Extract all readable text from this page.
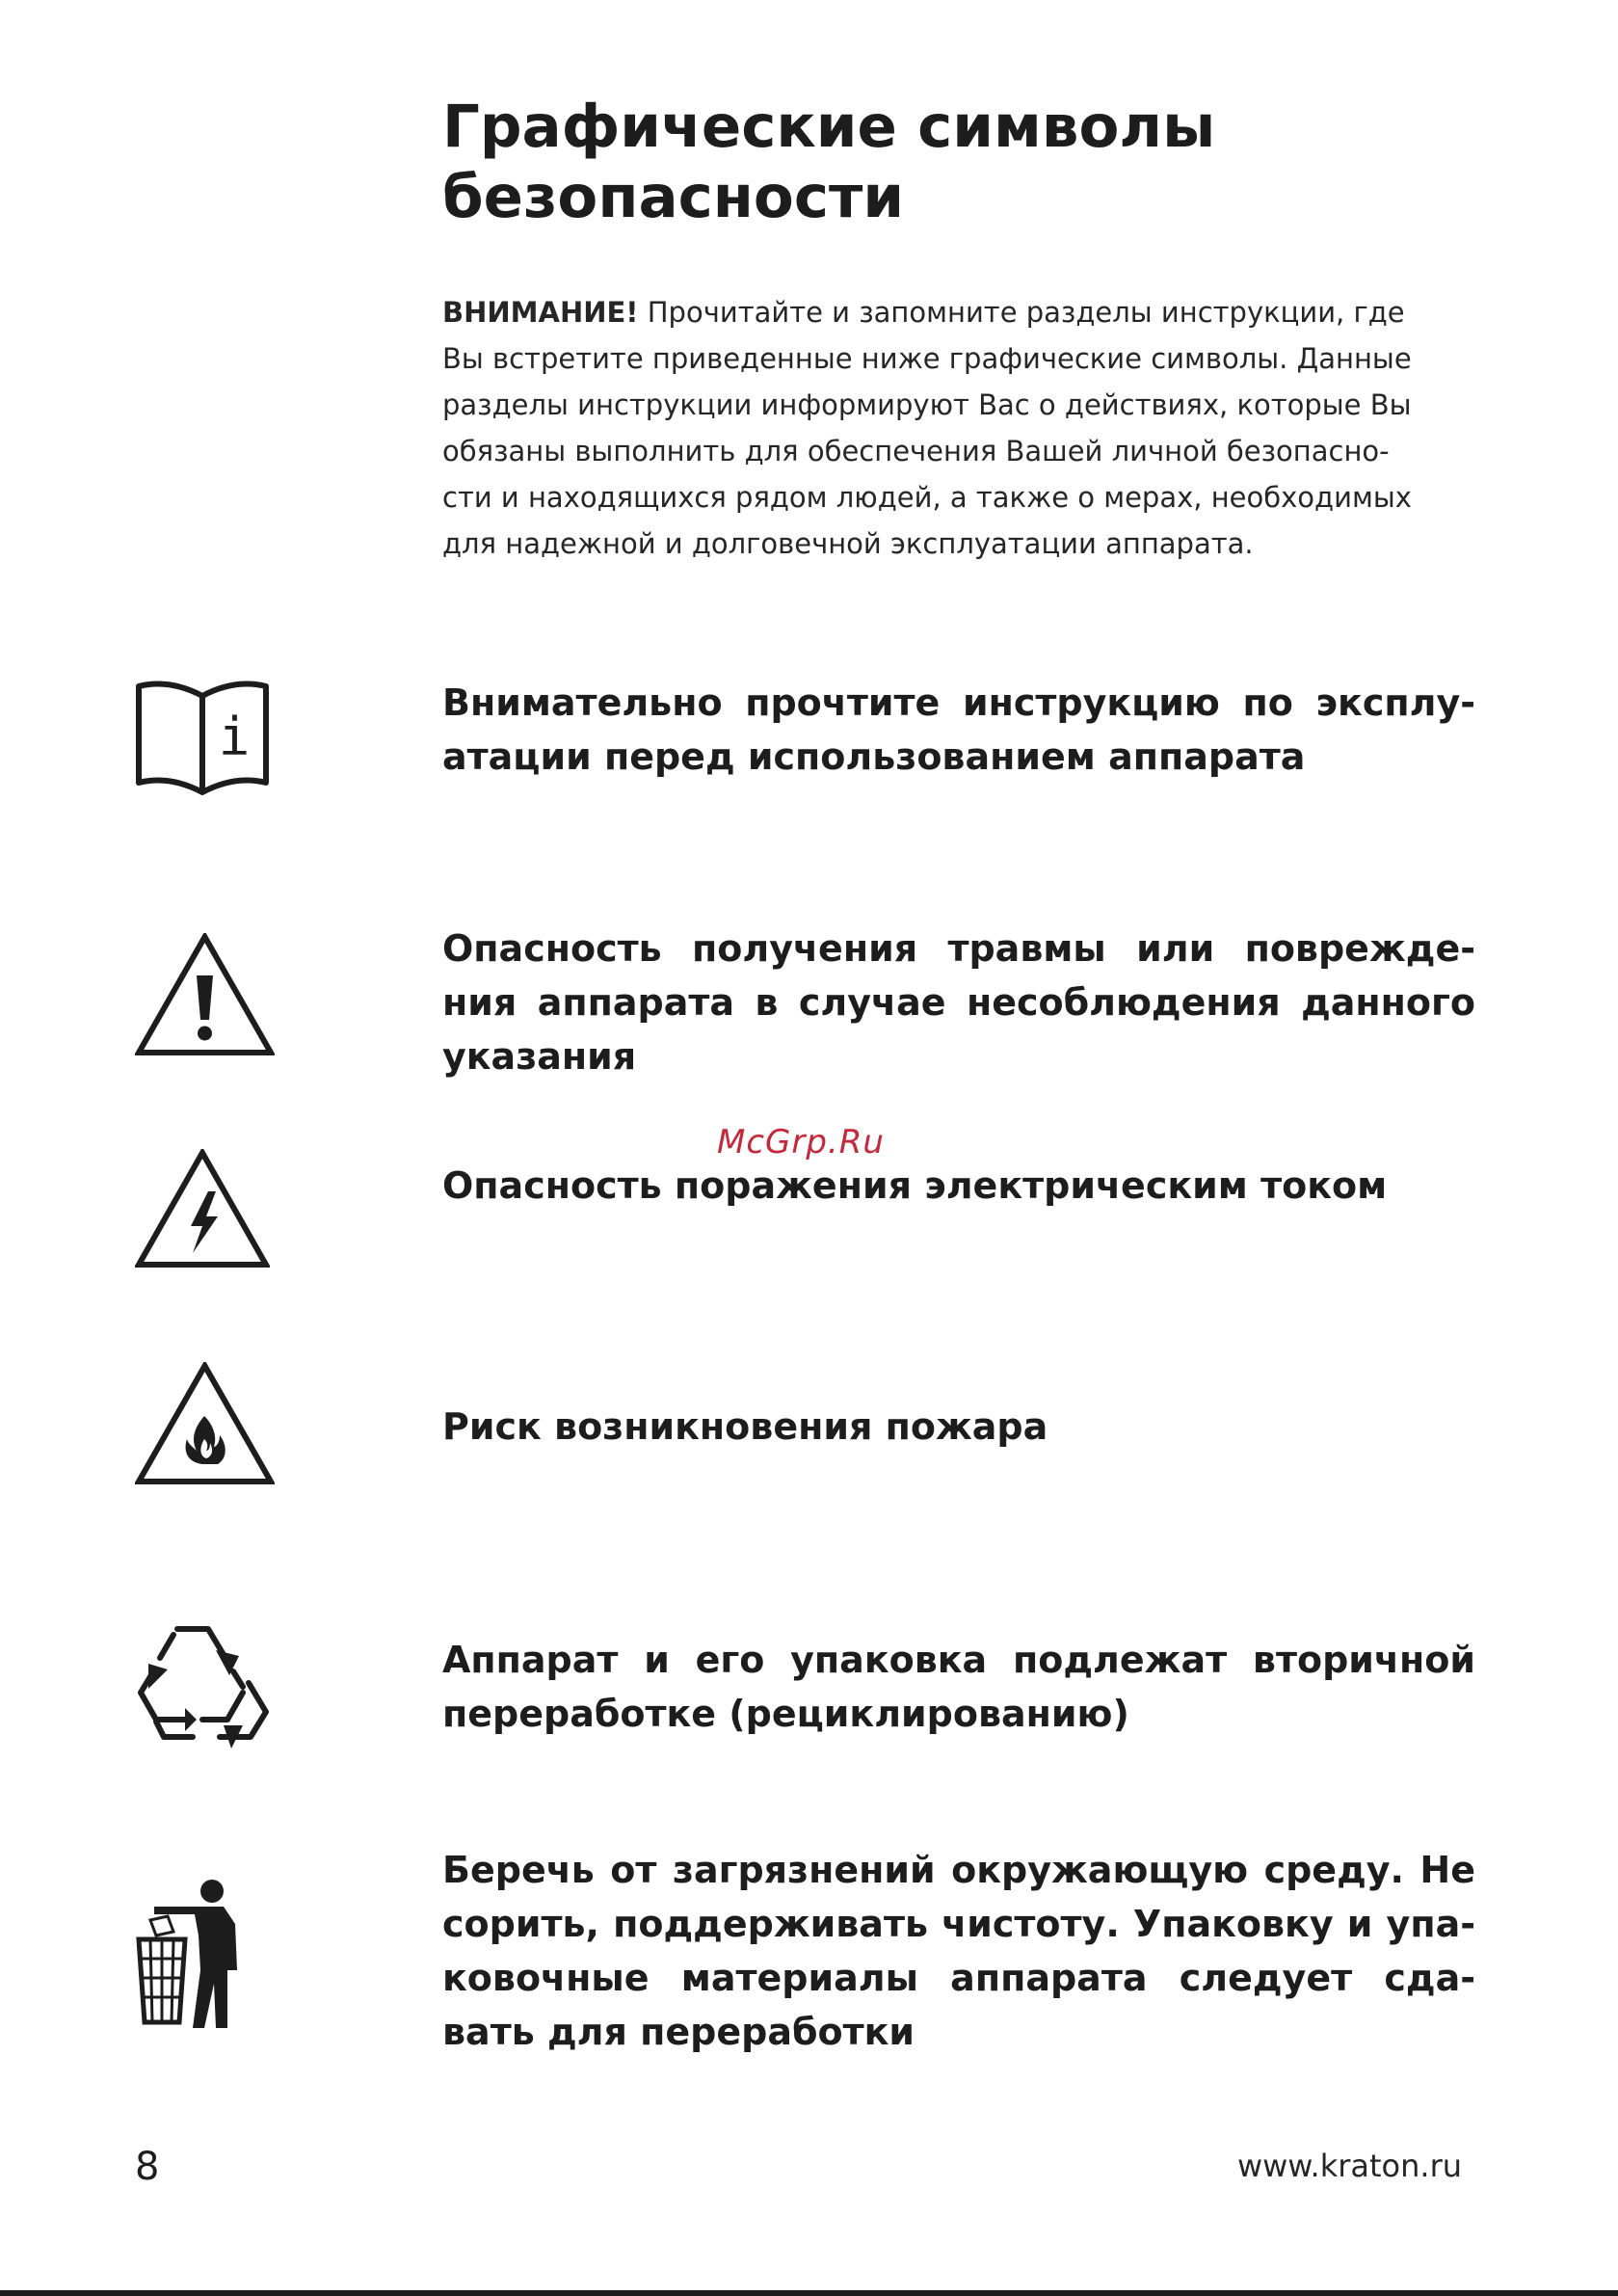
Графические символы
безопасности

ВНИМАНИЕ! Прочитайте и запомните разделы инструкции, где
Вы встретите приведенные ниже графические символы. Данные
разделы инструкции информируют Вас о действиях, которые Вы
обязаны выполнить для обеспечения Вашей личной безопасно-
сти и находящихся рядом людей, а также о мерах, необходимых
для надежной и долговечной эксплуатации аппарата.

i
Внимательно прочтите инструкцию по эксплу-
атации перед использованием аппарата
Опасность получения травмы или поврежде-
ния аппарата в случае несоблюдения данного
указания
McGrp.Ru
Опасность поражения электрическим током
Риск возникновения пожара
Аппарат и его упаковка подлежат вторичной
переработке (рециклированию)
Беречь от загрязнений окружающую среду. Не
сорить, поддерживать чистоту. Упаковку и упа-
ковочные материалы аппарата следует сда-
вать для переработки
8	www.kraton.ru
